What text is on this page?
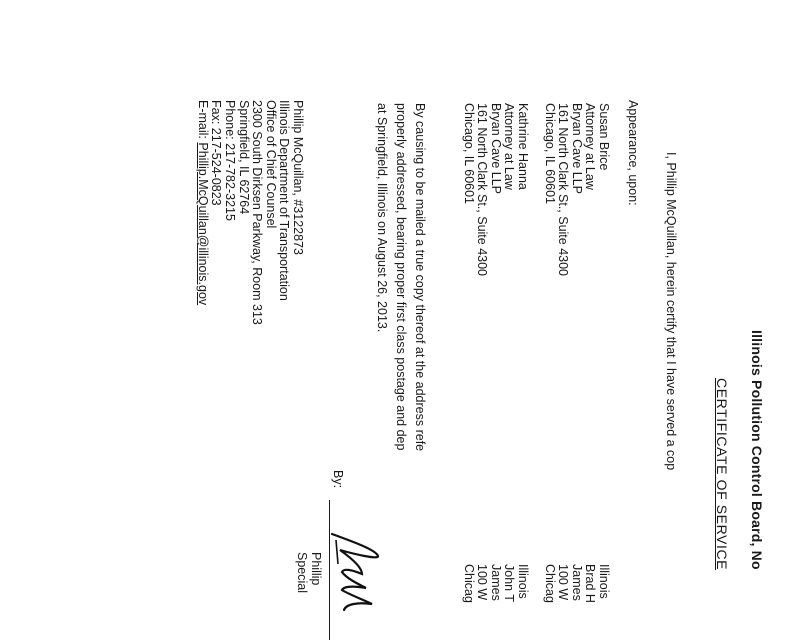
Illinois Pollution Control Board, No
CERTIFICATE OF SERVICE
I, Phillip McQuillan, herein certify that I have served a cop
Appearance, upon:
Susan Brice
Attorney at Law
Bryan Cave LLP
161 North Clark St., Suite 4300
Chicago, IL 60601
Illinois
Brad H
James
100 W
Chicag
Kathrine Hanna
Attorney at Law
Bryan Cave LLP
161 North Clark St., Suite 4300
Chicago, IL 60601
Illinois
John T
James
100 W
Chicag
By causing to be mailed a true copy thereof at the address refe
properly addressed, bearing proper first class postage and dep
at Springfield, Illinois on August 26, 2013.
By:
Phillip
Special
Phillip McQuillan, #3122873
Illinois Department of Transportation
Office of Chief Counsel
2300 South Dirksen Parkway, Room 313
Springfield, IL 62764
Phone: 217-782-3215
Fax: 217-524-0823
E-mail: Phillip.McQuillan@illinois.gov
